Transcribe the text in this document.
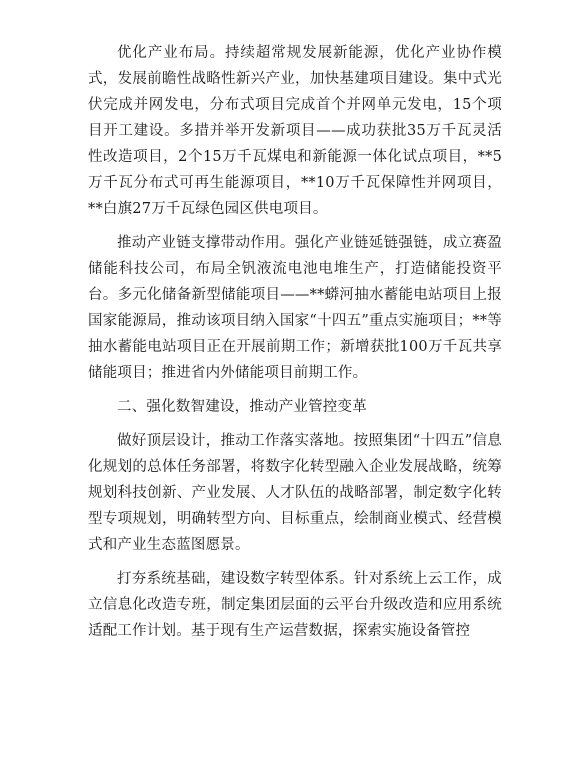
优化产业布局。持续超常规发展新能源，优化产业协作模式，发展前瞻性战略性新兴产业，加快基建项目建设。集中式光伏完成并网发电，分布式项目完成首个并网单元发电，15个项目开工建设。多措并举开发新项目——成功获批35万千瓦灵活性改造项目，2个15万千瓦煤电和新能源一体化试点项目，**5万千瓦分布式可再生能源项目，**10万千瓦保障性并网项目，**白旗27万千瓦绿色园区供电项目。

推动产业链支撑带动作用。强化产业链延链强链，成立赛盈储能科技公司，布局全钒液流电池电堆生产，打造储能投资平台。多元化储备新型储能项目——**蟒河抽水蓄能电站项目上报国家能源局，推动该项目纳入国家“十四五”重点实施项目；**等抽水蓄能电站项目正在开展前期工作；新增获批100万千瓦共享储能项目；推进省内外储能项目前期工作。

二、强化数智建设，推动产业管控变革

做好顶层设计，推动工作落实落地。按照集团“十四五”信息化规划的总体任务部署，将数字化转型融入企业发展战略，统筹规划科技创新、产业发展、人才队伍的战略部署，制定数字化转型专项规划，明确转型方向、目标重点，绘制商业模式、经营模式和产业生态蓝图愿景。

打夯系统基础，建设数字转型体系。针对系统上云工作，成立信息化改造专班，制定集团层面的云平台升级改造和应用系统适配工作计划。基于现有生产运营数据，探索实施设备管控
